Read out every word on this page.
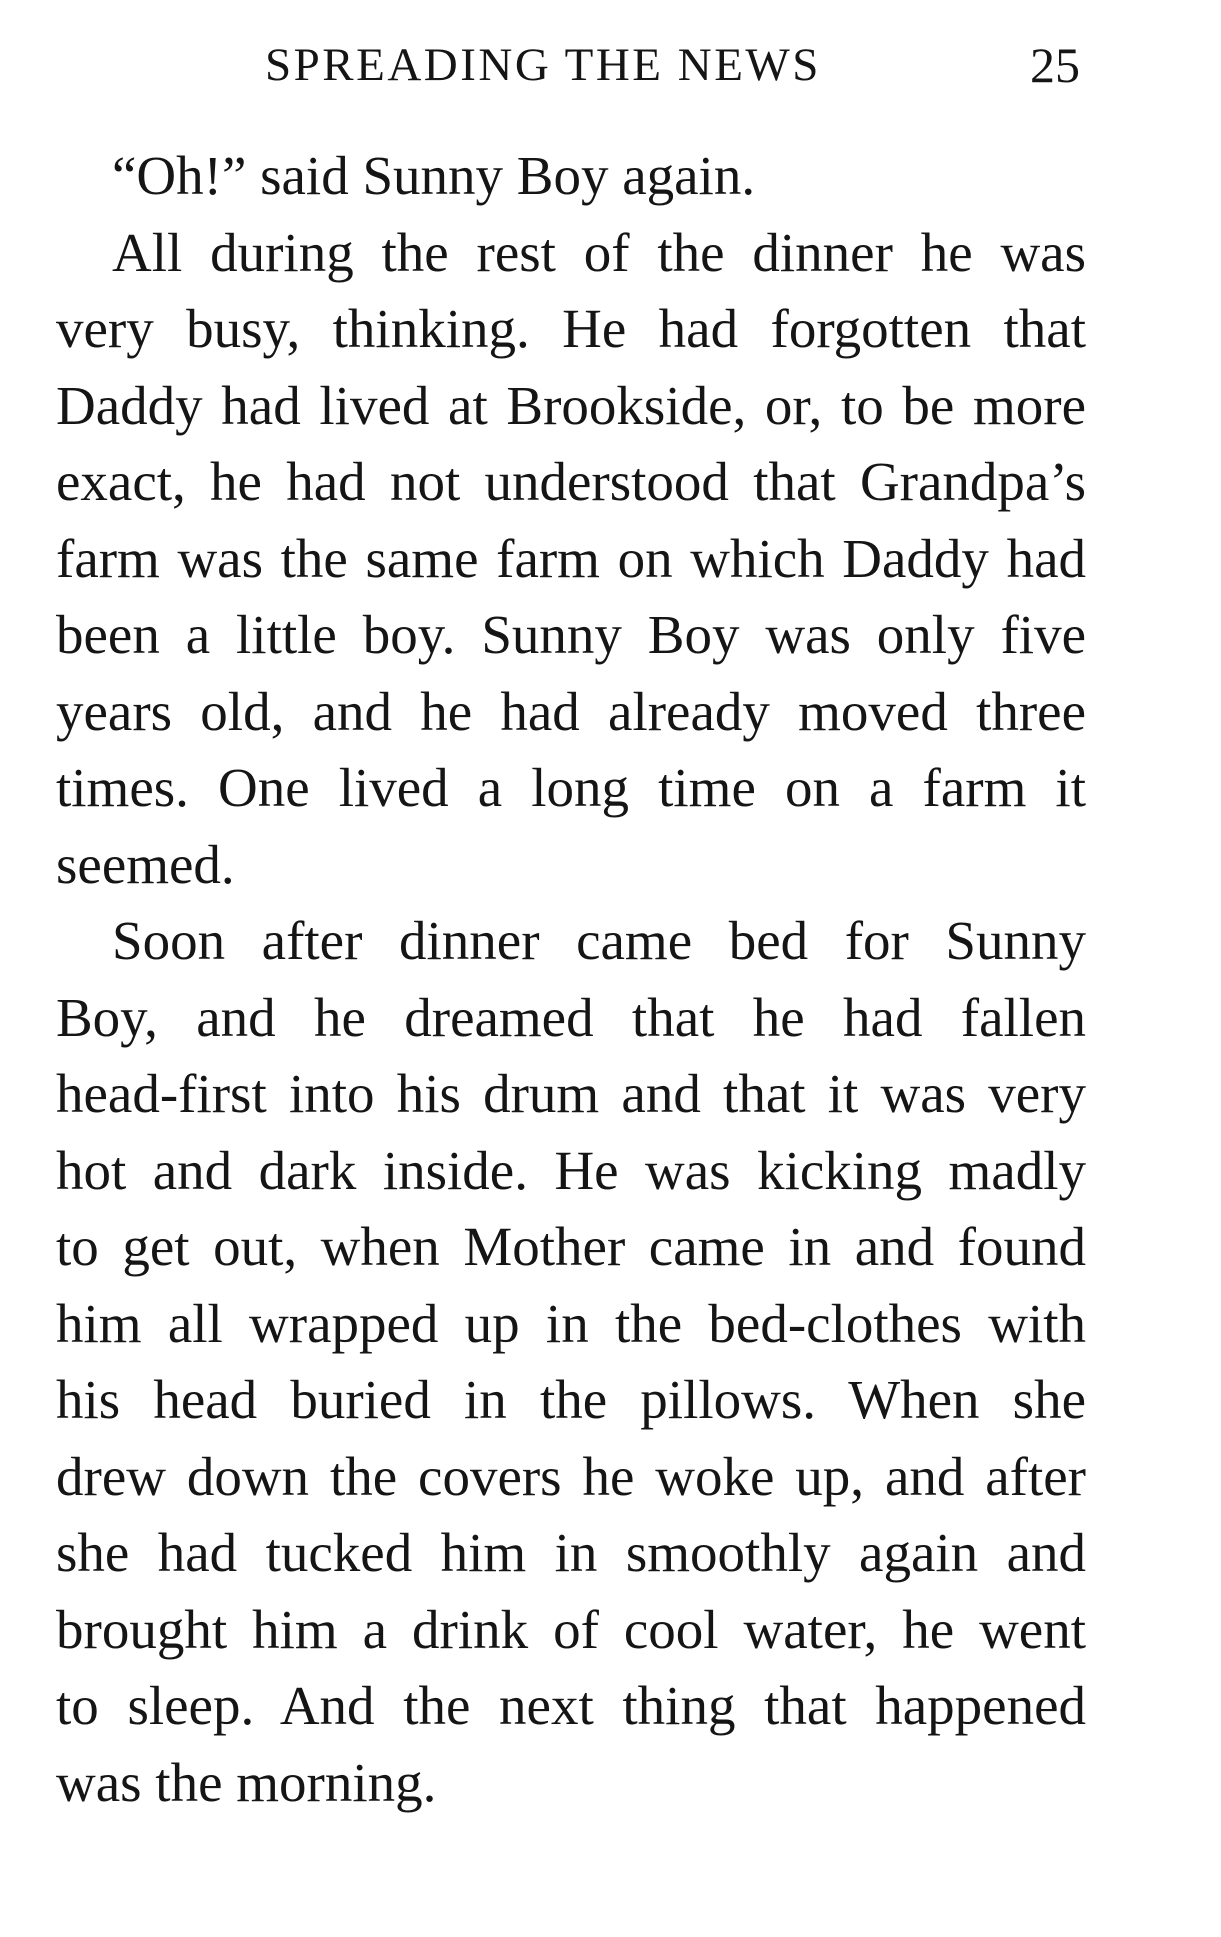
SPREADING THE NEWS	25
“Oh!” said Sunny Boy again.
All during the rest of the dinner he was
very busy, thinking. He had forgotten that
Daddy had lived at Brookside, or, to be more
exact, he had not understood that Grandpa’s
farm was the same farm on which Daddy had
been a little boy. Sunny Boy was only five
years old, and he had already moved three
times. One lived a long time on a farm it
seemed.
Soon after dinner came bed for Sunny
Boy, and he dreamed that he had fallen
head-first into his drum and that it was very
hot and dark inside. He was kicking madly
to get out, when Mother came in and found
him all wrapped up in the bed-clothes with
his head buried in the pillows. When she
drew down the covers he woke up, and after
she had tucked him in smoothly again and
brought him a drink of cool water, he went
to sleep. And the next thing that happened
was the morning.
